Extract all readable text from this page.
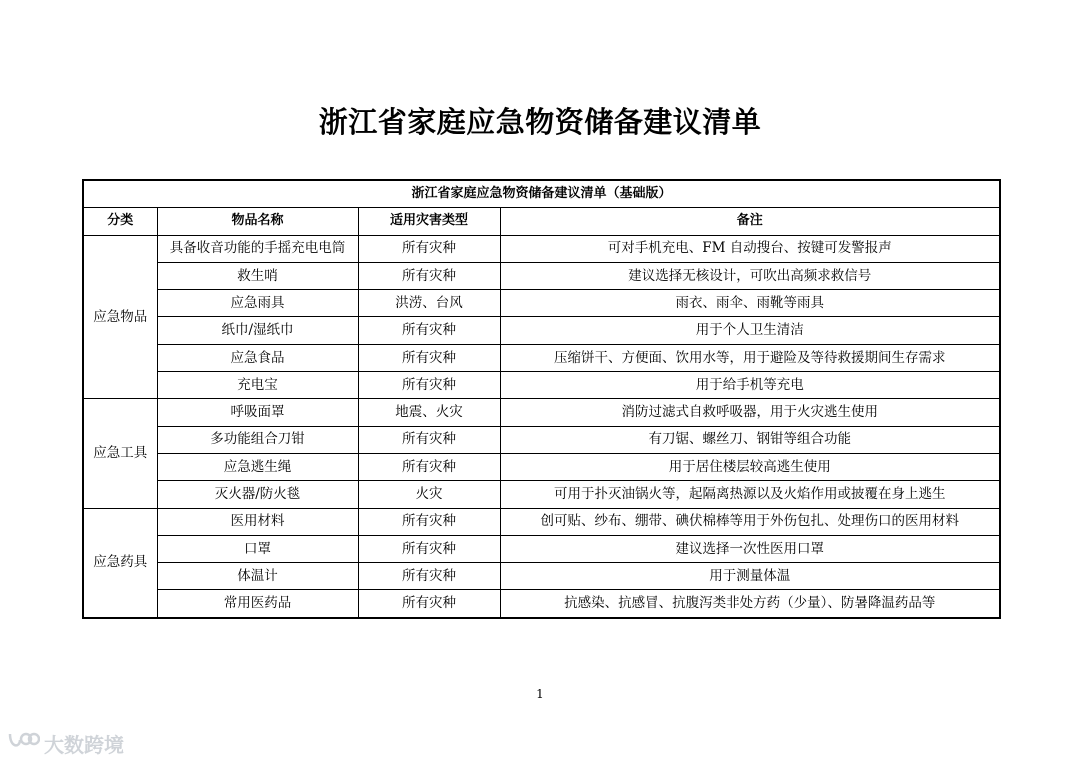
浙江省家庭应急物资储备建议清单
浙江省家庭应急物资储备建议清单（基础版）			
分类	物品名称	适用灾害类型	备注
应急物品	具备收音功能的手摇充电电筒	所有灾种	可对手机充电、FM 自动搜台、按键可发警报声
	救生哨	所有灾种	建议选择无核设计，可吹出高频求救信号
	应急雨具	洪涝、台风	雨衣、雨伞、雨靴等雨具
	纸巾/湿纸巾	所有灾种	用于个人卫生清洁
	应急食品	所有灾种	压缩饼干、方便面、饮用水等，用于避险及等待救援期间生存需求
	充电宝	所有灾种	用于给手机等充电
应急工具	呼吸面罩	地震、火灾	消防过滤式自救呼吸器，用于火灾逃生使用
	多功能组合刀钳	所有灾种	有刀锯、螺丝刀、钢钳等组合功能
	应急逃生绳	所有灾种	用于居住楼层较高逃生使用
	灭火器/防火毯	火灾	可用于扑灭油锅火等，起隔离热源以及火焰作用或披覆在身上逃生
应急药具	医用材料	所有灾种	创可贴、纱布、绷带、碘伏棉棒等用于外伤包扎、处理伤口的医用材料
	口罩	所有灾种	建议选择一次性医用口罩
	体温计	所有灾种	用于测量体温
	常用医药品	所有灾种	抗感染、抗感冒、抗腹泻类非处方药（少量）、防暑降温药品等
1
大数跨境
